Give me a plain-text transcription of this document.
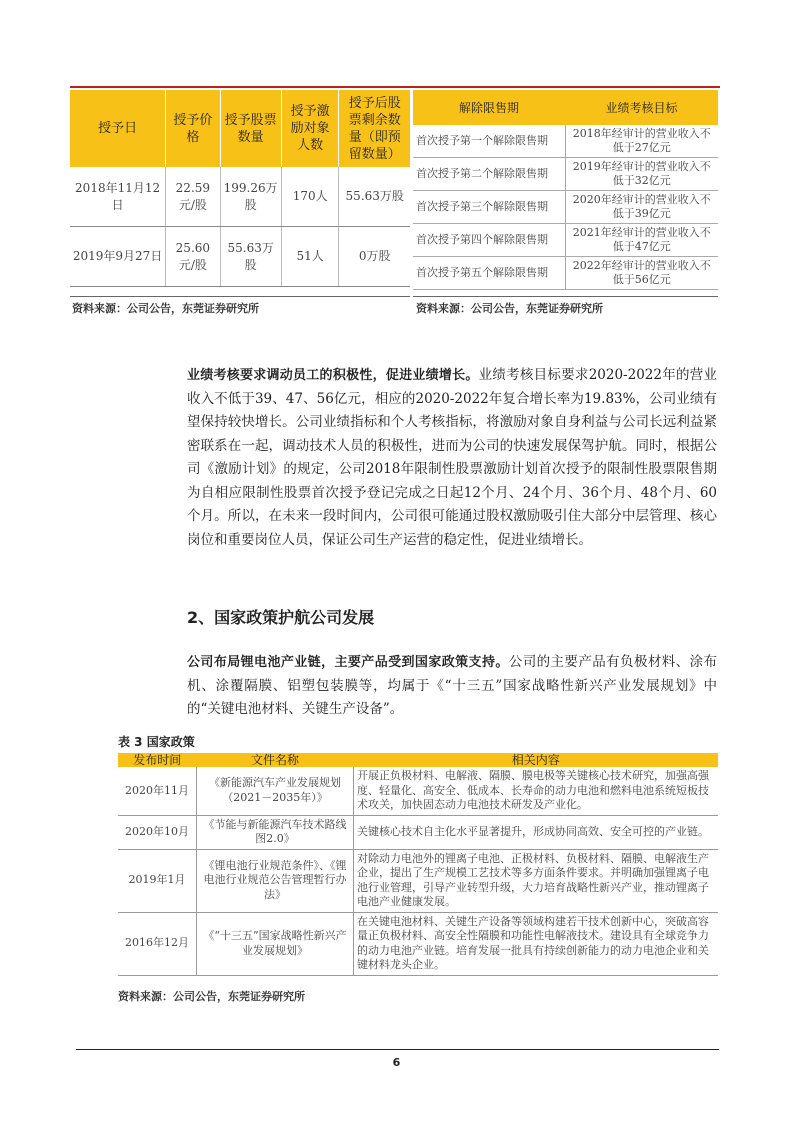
授予日	授予价格	授予股票数量	授予激励对象人数	授予后股票剩余数量（即预留数量）
2018年11月12日	22.59元/股	199.26万股	170人	55.63万股
2019年9月27日	25.60元/股	55.63万股	51人	0万股
解除限售期	业绩考核目标
首次授予第一个解除限售期	2018年经审计的营业收入不低于27亿元
首次授予第二个解除限售期	2019年经审计的营业收入不低于32亿元
首次授予第三个解除限售期	2020年经审计的营业收入不低于39亿元
首次授予第四个解除限售期	2021年经审计的营业收入不低于47亿元
首次授予第五个解除限售期	2022年经审计的营业收入不低于56亿元
资料来源：公司公告，东莞证券研究所	资料来源：公司公告，东莞证券研究所

业绩考核要求调动员工的积极性，促进业绩增长。业绩考核目标要求2020-2022年的营业收入不低于39、47、56亿元，相应的2020-2022年复合增长率为19.83%，公司业绩有望保持较快增长。公司业绩指标和个人考核指标，将激励对象自身利益与公司长远利益紧密联系在一起，调动技术人员的积极性，进而为公司的快速发展保驾护航。同时，根据公司《激励计划》的规定，公司2018年限制性股票激励计划首次授予的限制性股票限售期为自相应限制性股票首次授予登记完成之日起12个月、24个月、36个月、48个月、60个月。所以，在未来一段时间内，公司很可能通过股权激励吸引住大部分中层管理、核心岗位和重要岗位人员，保证公司生产运营的稳定性，促进业绩增长。

2、国家政策护航公司发展

公司布局锂电池产业链，主要产品受到国家政策支持。公司的主要产品有负极材料、涂布机、涂覆隔膜、铝塑包装膜等，均属于《“十三五”国家战略性新兴产业发展规划》中的“关键电池材料、关键生产设备”。

表 3 国家政策

发布时间	文件名称	相关内容
2020年11月	《新能源汽车产业发展规划（2021－2035年）》	开展正负极材料、电解液、隔膜、膜电极等关键核心技术研究，加强高强度、轻量化、高安全、低成本、长寿命的动力电池和燃料电池系统短板技术攻关，加快固态动力电池技术研发及产业化。
2020年10月	《节能与新能源汽车技术路线图2.0》	关键核心技术自主化水平显著提升，形成协同高效、安全可控的产业链。
2019年1月	《锂电池行业规范条件》、《锂电池行业规范公告管理暂行办法》	对除动力电池外的锂离子电池、正极材料、负极材料、隔膜、电解液生产企业，提出了生产规模工艺技术等多方面条件要求。并明确加强锂离子电池行业管理，引导产业转型升级，大力培育战略性新兴产业，推动锂离子电池产业健康发展。
2016年12月	《“十三五”国家战略性新兴产业发展规划》	在关键电池材料、关键生产设备等领域构建若干技术创新中心，突破高容量正负极材料、高安全性隔膜和功能性电解液技术。建设具有全球竞争力的动力电池产业链。培育发展一批具有持续创新能力的动力电池企业和关键材料龙头企业。
资料来源：公司公告，东莞证券研究所
6
